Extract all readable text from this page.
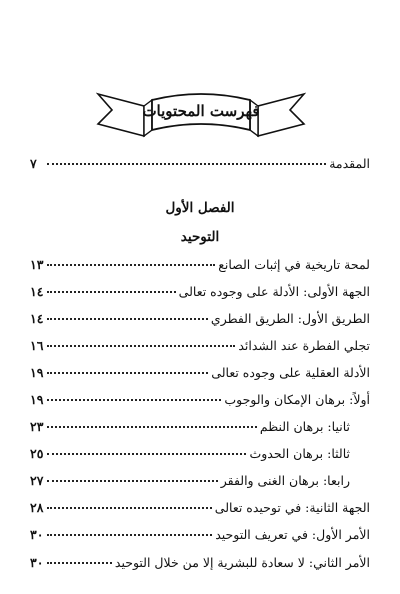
فهرست المحتويات
المقدمة
٧
الفصل الأول
التوحيد
لمحة تاريخية في إثبات الصانع
١٣
الجهة الأولى: الأدلة على وجوده تعالى
١٤
الطريق الأول: الطريق الفطري
١٤
تجلي الفطرة عند الشدائد
١٦
الأدلة العقلية على وجوده تعالى
١٩
أولاً: برهان الإمكان والوجوب
١٩
ثانيا: برهان النظم
٢٣
ثالثا: برهان الحدوث
٢٥
رابعا: برهان الغنى والفقر
٢٧
الجهة الثانية: في توحيده تعالى
٢٨
الأمر الأول: في تعريف التوحيد
٣٠
الأمر الثاني: لا سعادة للبشرية إلا من خلال التوحيد
٣٠
